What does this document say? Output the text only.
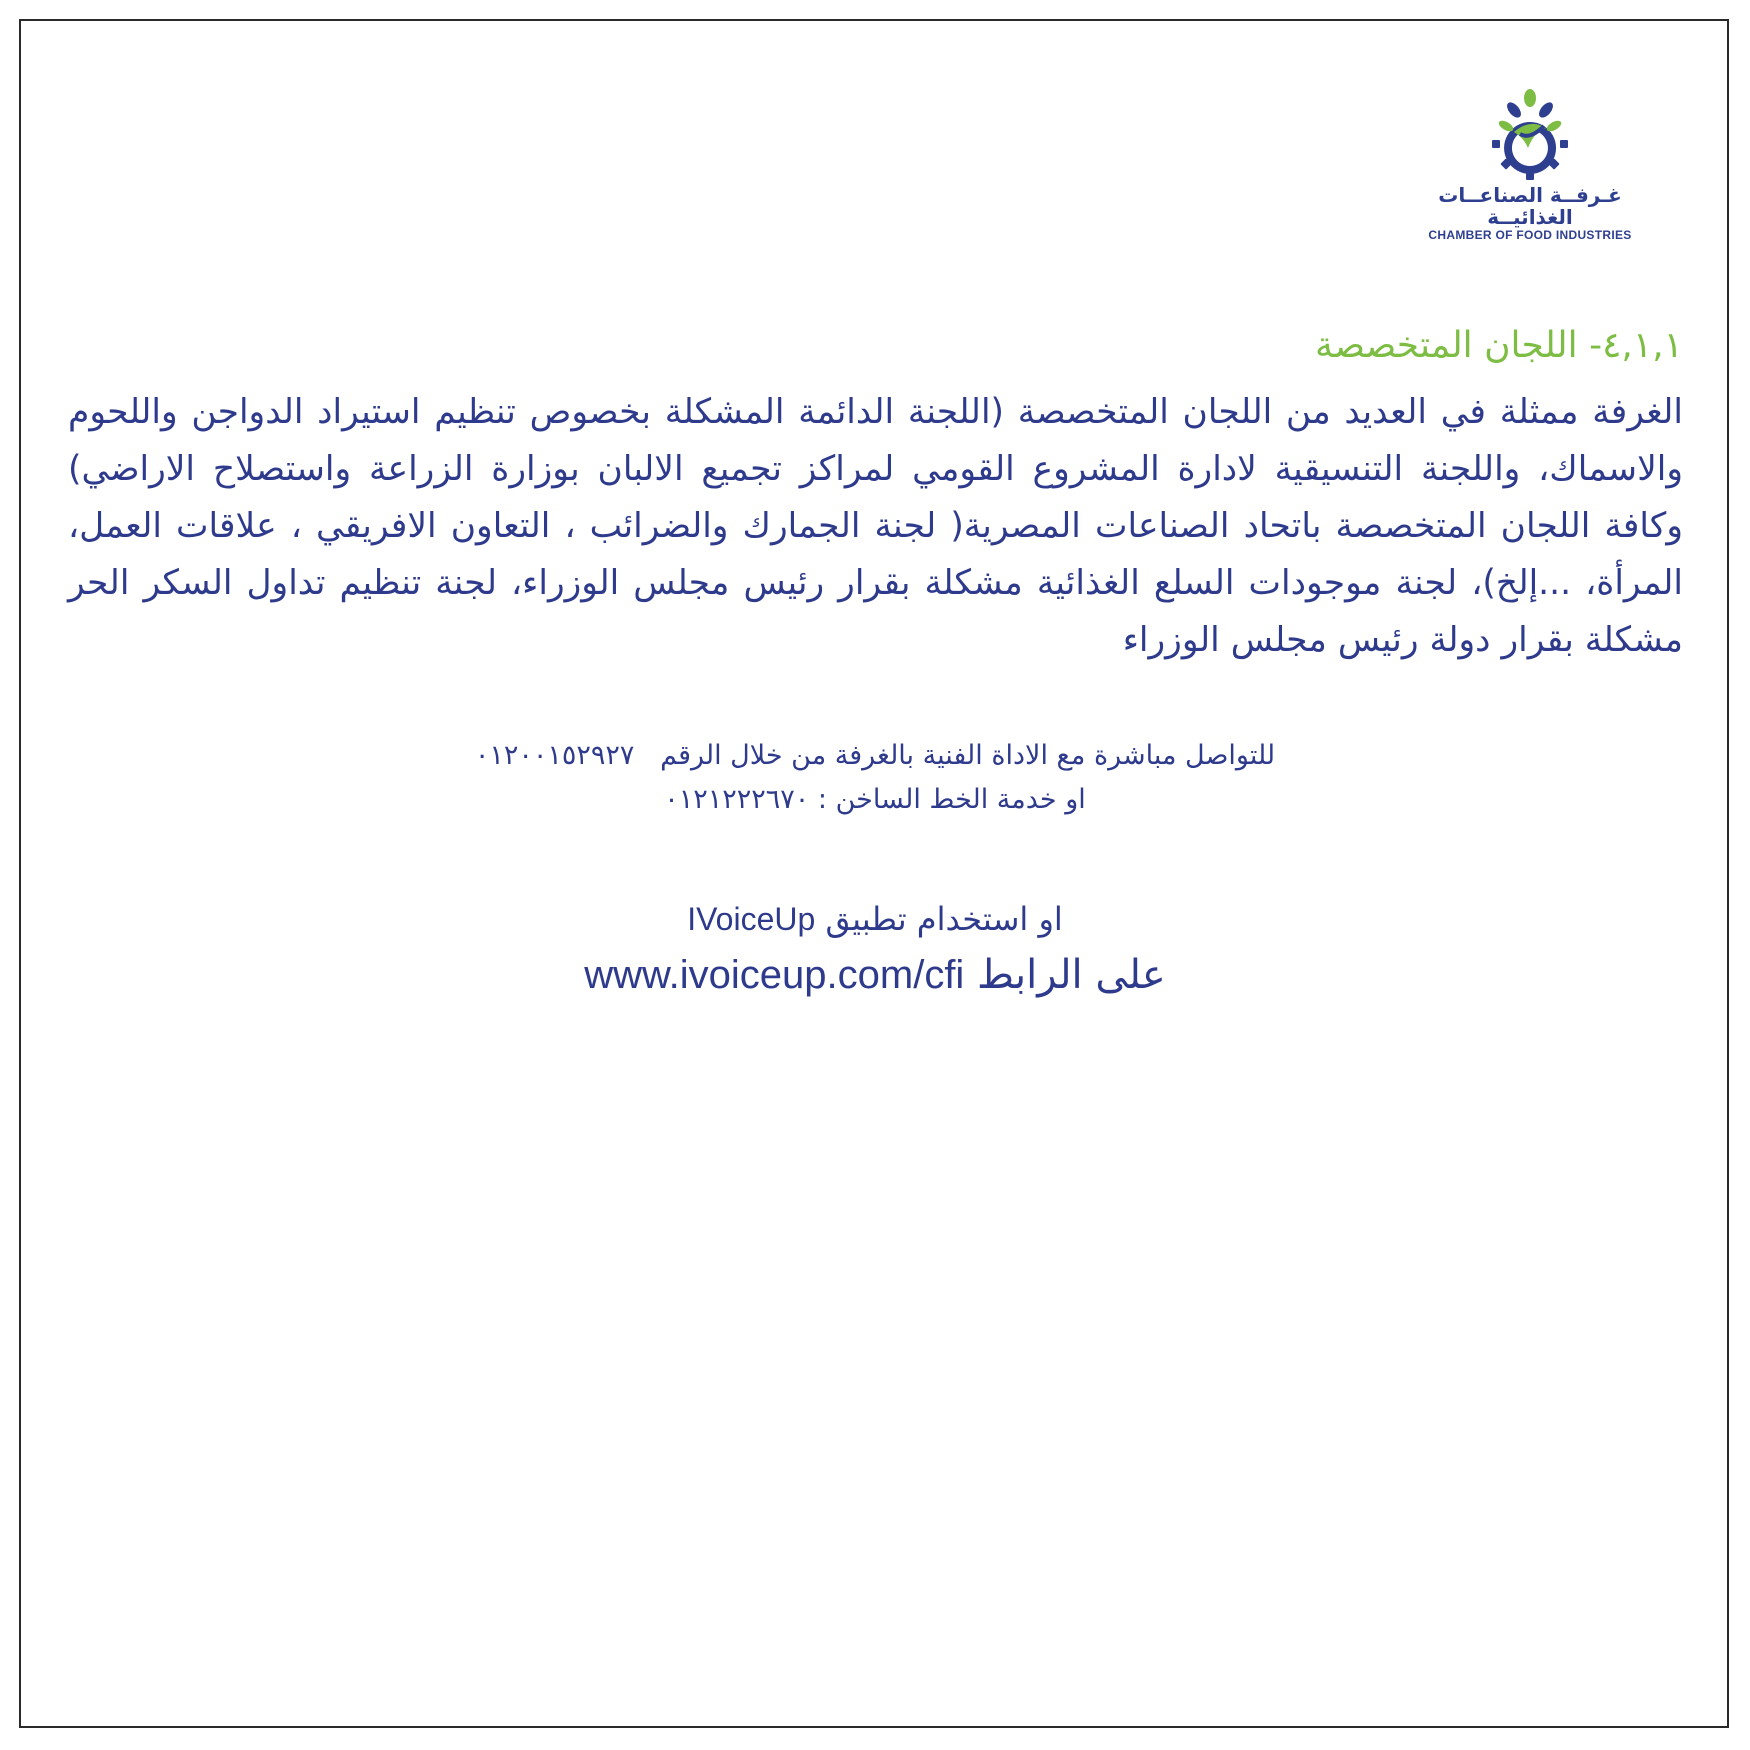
غـرفــة الصناعــات الغذائيــة
CHAMBER OF FOOD INDUSTRIES
٤,١,١- اللجان المتخصصة
الغرفة ممثلة في العديد من اللجان المتخصصة (اللجنة الدائمة المشكلة بخصوص تنظيم استيراد الدواجن واللحوم والاسماك، واللجنة التنسيقية لادارة المشروع القومي لمراكز تجميع الالبان بوزارة الزراعة واستصلاح الاراضي) وكافة اللجان المتخصصة باتحاد الصناعات المصرية( لجنة الجمارك والضرائب ، التعاون الافريقي ، علاقات العمل، المرأة، ...إلخ)، لجنة موجودات السلع الغذائية مشكلة بقرار رئيس مجلس الوزراء، لجنة تنظيم تداول السكر الحر مشكلة بقرار دولة رئيس مجلس الوزراء
للتواصل مباشرة مع الاداة الفنية بالغرفة من خلال الرقم   ٠١٢٠٠١٥٢٩٢٧
او خدمة الخط الساخن : ٠١٢١٢٢٢٦٧٠
او استخدام تطبيق IVoiceUp
على الرابط www.ivoiceup.com/cfi
